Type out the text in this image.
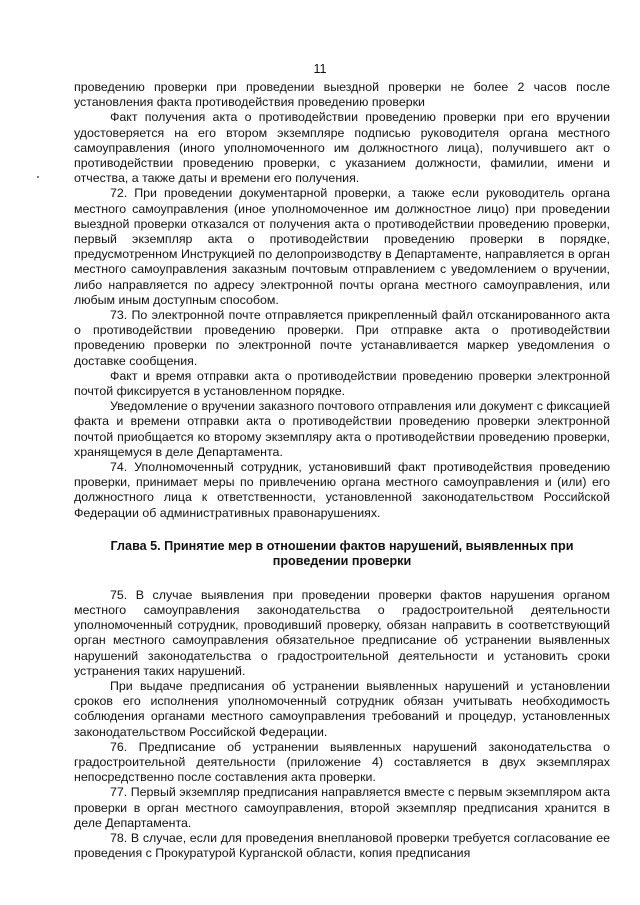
11

проведению проверки при проведении выездной проверки не более 2 часов после установления факта противодействия проведению проверки

Факт получения акта о противодействии проведению проверки при его вручении удостоверяется на его втором экземпляре подписью руководителя органа местного самоуправления (иного уполномоченного им должностного лица), получившего акт о противодействии проведению проверки, с указанием должности, фамилии, имени и отчества, а также даты и времени его получения.

72. При проведении документарной проверки, а также если руководитель органа местного самоуправления (иное уполномоченное им должностное лицо) при проведении выездной проверки отказался от получения акта о противодействии проведению проверки, первый экземпляр акта о противодействии проведению проверки в порядке, предусмотренном Инструкцией по делопроизводству в Департаменте, направляется в орган местного самоуправления заказным почтовым отправлением с уведомлением о вручении, либо направляется по адресу электронной почты органа местного самоуправления, или любым иным доступным способом.

73. По электронной почте отправляется прикрепленный файл отсканированного акта о противодействии проведению проверки. При отправке акта о противодействии проведению проверки по электронной почте устанавливается маркер уведомления о доставке сообщения.

Факт и время отправки акта о противодействии проведению проверки электронной почтой фиксируется в установленном порядке.

Уведомление о вручении заказного почтового отправления или документ с фиксацией факта и времени отправки акта о противодействии проведению проверки электронной почтой приобщается ко второму экземпляру акта о противодействии проведению проверки, хранящемуся в деле Департамента.

74. Уполномоченный сотрудник, установивший факт противодействия проведению проверки, принимает меры по привлечению органа местного самоуправления и (или) его должностного лица к ответственности, установленной законодательством Российской Федерации об административных правонарушениях.

Глава 5. Принятие мер в отношении фактов нарушений, выявленных при проведении проверки

75. В случае выявления при проведении проверки фактов нарушения органом местного самоуправления законодательства о градостроительной деятельности уполномоченный сотрудник, проводивший проверку, обязан направить в соответствующий орган местного самоуправления обязательное предписание об устранении выявленных нарушений законодательства о градостроительной деятельности и установить сроки устранения таких нарушений.

При выдаче предписания об устранении выявленных нарушений и установлении сроков его исполнения уполномоченный сотрудник обязан учитывать необходимость соблюдения органами местного самоуправления требований и процедур, установленных законодательством Российской Федерации.

76. Предписание об устранении выявленных нарушений законодательства о градостроительной деятельности (приложение 4) составляется в двух экземплярах непосредственно после составления акта проверки.

77. Первый экземпляр предписания направляется вместе с первым экземпляром акта проверки в орган местного самоуправления, второй экземпляр предписания хранится в деле Департамента.

78. В случае, если для проведения внеплановой проверки требуется согласование ее проведения с Прокуратурой Курганской области, копия предписания
